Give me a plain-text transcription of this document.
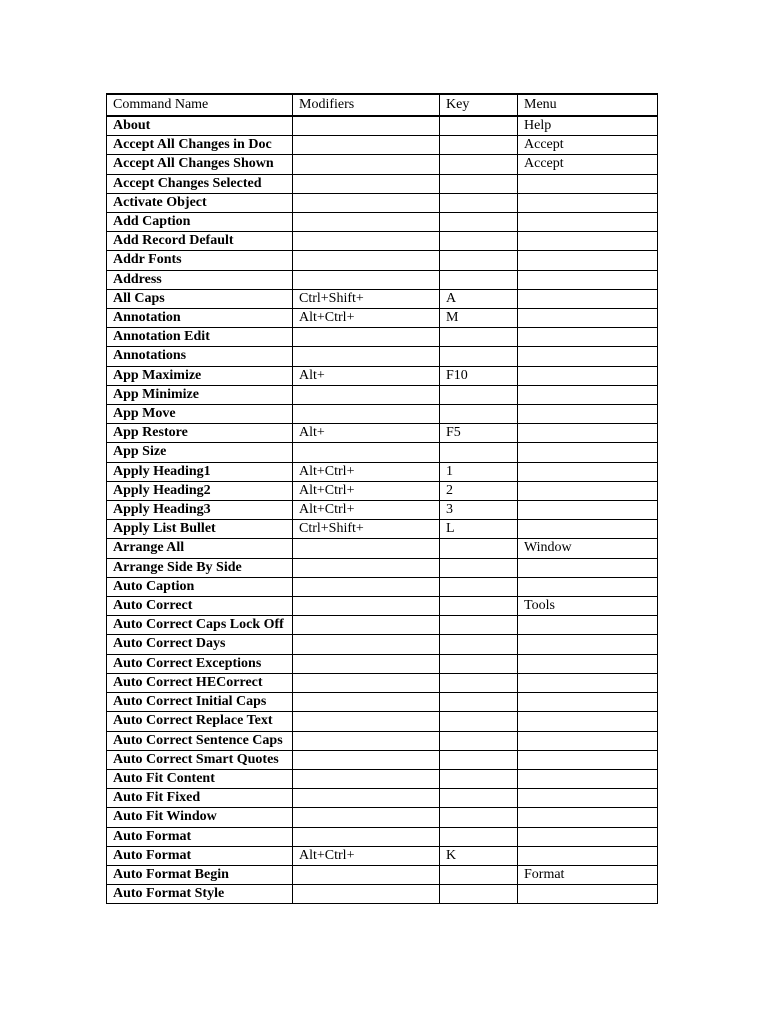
Command Name	Modifiers	Key	Menu
About			Help
Accept All Changes in Doc			Accept
Accept All Changes Shown			Accept
Accept Changes Selected			
Activate Object			
Add Caption			
Add Record Default			
Addr Fonts			
Address			
All Caps	Ctrl+Shift+	A	
Annotation	Alt+Ctrl+	M	
Annotation Edit			
Annotations			
App Maximize	Alt+	F10	
App Minimize			
App Move			
App Restore	Alt+	F5	
App Size			
Apply Heading1	Alt+Ctrl+	1	
Apply Heading2	Alt+Ctrl+	2	
Apply Heading3	Alt+Ctrl+	3	
Apply List Bullet	Ctrl+Shift+	L	
Arrange All			Window
Arrange Side By Side			
Auto Caption			
Auto Correct			Tools
Auto Correct Caps Lock Off			
Auto Correct Days			
Auto Correct Exceptions			
Auto Correct HECorrect			
Auto Correct Initial Caps			
Auto Correct Replace Text			
Auto Correct Sentence Caps			
Auto Correct Smart Quotes			
Auto Fit Content			
Auto Fit Fixed			
Auto Fit Window			
Auto Format			
Auto Format	Alt+Ctrl+	K	
Auto Format Begin			Format
Auto Format Style			
